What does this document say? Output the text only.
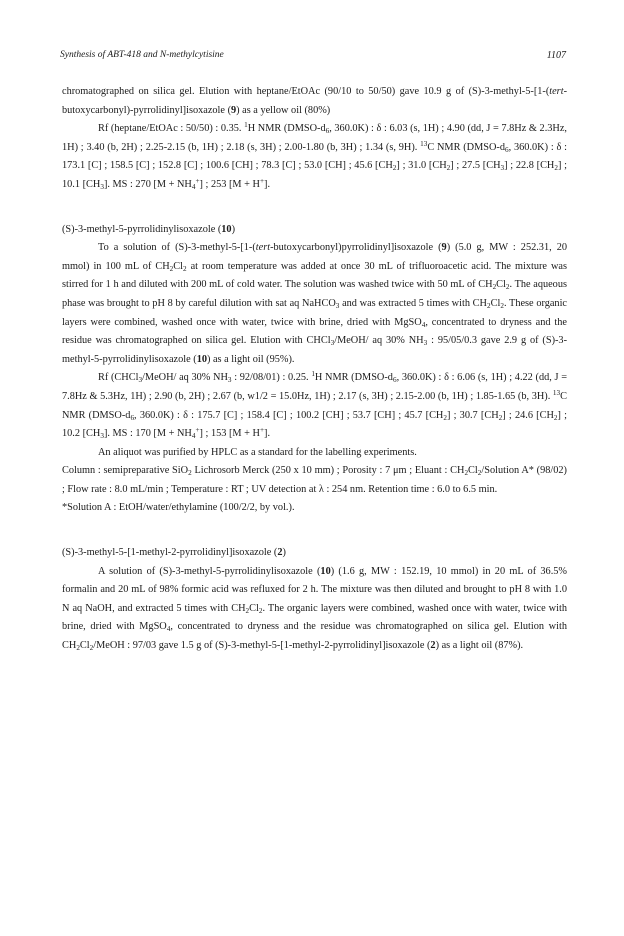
Synthesis of ABT-418 and N-methylcytisine	1107

chromatographed on silica gel. Elution with heptane/EtOAc (90/10 to 50/50) gave 10.9 g of (S)-3-methyl-5-[1-(tert-butoxycarbonyl)-pyrrolidinyl]isoxazole (9) as a yellow oil (80%)

Rf (heptane/EtOAc : 50/50) : 0.35. $^1$H NMR ($DMSO-d_6$, 360.0K) : δ : 6.03 (s, 1H) ; 4.90 (dd, J = 7.8Hz & 2.3Hz, 1H) ; 3.40 (b, 2H) ; 2.25-2.15 (b, 1H) ; 2.18 (s, 3H) ; 2.00-1.80 (b, 3H) ; 1.34 (s, 9H). $^{13}$C NMR ($DMSO-d_6$, 360.0K) : δ : 173.1 [C] ; 158.5 [C] ; 152.8 [C] ; 100.6 [CH] ; 78.3 [C] ; 53.0 [CH] ; 45.6 $[CH_2]$ ; 31.0 $[CH_2]$ ; 27.5 $[CH_3]$ ; 22.8 $[CH_2]$ ; 10.1 $[CH_3]$. MS : 270 $[M + NH_4^+]$ ; 253 [M + H+].

(S)-3-methyl-5-pyrrolidinylisoxazole (10)

To a solution of (S)-3-methyl-5-[1-(tert-butoxycarbonyl)pyrrolidinyl]isoxazole (9) (5.0 g, MW : 252.31, 20 mmol) in 100 mL of $CH_2Cl_2$ at room temperature was added at once 30 mL of trifluoroacetic acid. The mixture was stirred for 1 h and diluted with 200 mL of cold water. The solution was washed twice with 50 mL of $CH_2Cl_2$. The aqueous phase was brought to pH 8 by careful dilution with sat aq NaHCO$_3$ and was extracted 5 times with $CH_2Cl_2$. These organic layers were combined, washed once with water, twice with brine, dried with MgSO$_4$, concentrated to dryness and the residue was chromatographed on silica gel. Elution with CHCl$_3$/MeOH/ aq 30% $NH_3$ : 95/05/0.3 gave 2.9 g of (S)-3-methyl-5-pyrrolidinylisoxazole (10) as a light oil (95%).

Rf (CHCl$_3$/MeOH/ aq 30% $NH_3$ : 92/08/01) : 0.25. $^1$H NMR ($DMSO-d_6$, 360.0K) : δ : 6.06 (s, 1H) ; 4.22 (dd, J = 7.8Hz & 5.3Hz, 1H) ; 2.90 (b, 2H) ; 2.67 (b, w1/2 = 15.0Hz, 1H) ; 2.17 (s, 3H) ; 2.15-2.00 (b, 1H) ; 1.85-1.65 (b, 3H). $^{13}$C NMR ($DMSO-d_6$, 360.0K) : δ : 175.7 [C] ; 158.4 [C] ; 100.2 [CH] ; 53.7 [CH] ; 45.7 $[CH_2]$ ; 30.7 $[CH_2]$ ; 24.6 $[CH_2]$ ; 10.2 $[CH_3]$. MS : 170 $[M + NH_4^+]$ ; 153 [M + H+].

An aliquot was purified by HPLC as a standard for the labelling experiments.

Column : semipreparative SiO$_2$ Lichrosorb Merck (250 x 10 mm) ; Porosity : 7 μm ; Eluant : $CH_2Cl_2$/Solution A* (98/02) ; Flow rate : 8.0 mL/min ; Temperature : RT ; UV detection at λ : 254 nm. Retention time : 6.0 to 6.5 min.

*Solution A : EtOH/water/ethylamine (100/2/2, by vol.).

(S)-3-methyl-5-[1-methyl-2-pyrrolidinyl]isoxazole (2)

A solution of (S)-3-methyl-5-pyrrolidinylisoxazole (10) (1.6 g, MW : 152.19, 10 mmol) in 20 mL of 36.5% formalin and 20 mL of 98% formic acid was refluxed for 2 h. The mixture was then diluted and brought to pH 8 with 1.0 N aq NaOH, and extracted 5 times with $CH_2Cl_2$. The organic layers were combined, washed once with water, twice with brine, dried with MgSO$_4$, concentrated to dryness and the residue was chromatographed on silica gel. Elution with $CH_2Cl_2$/MeOH : 97/03 gave 1.5 g of (S)-3-methyl-5-[1-methyl-2-pyrrolidinyl]isoxazole (2) as a light oil (87%).
